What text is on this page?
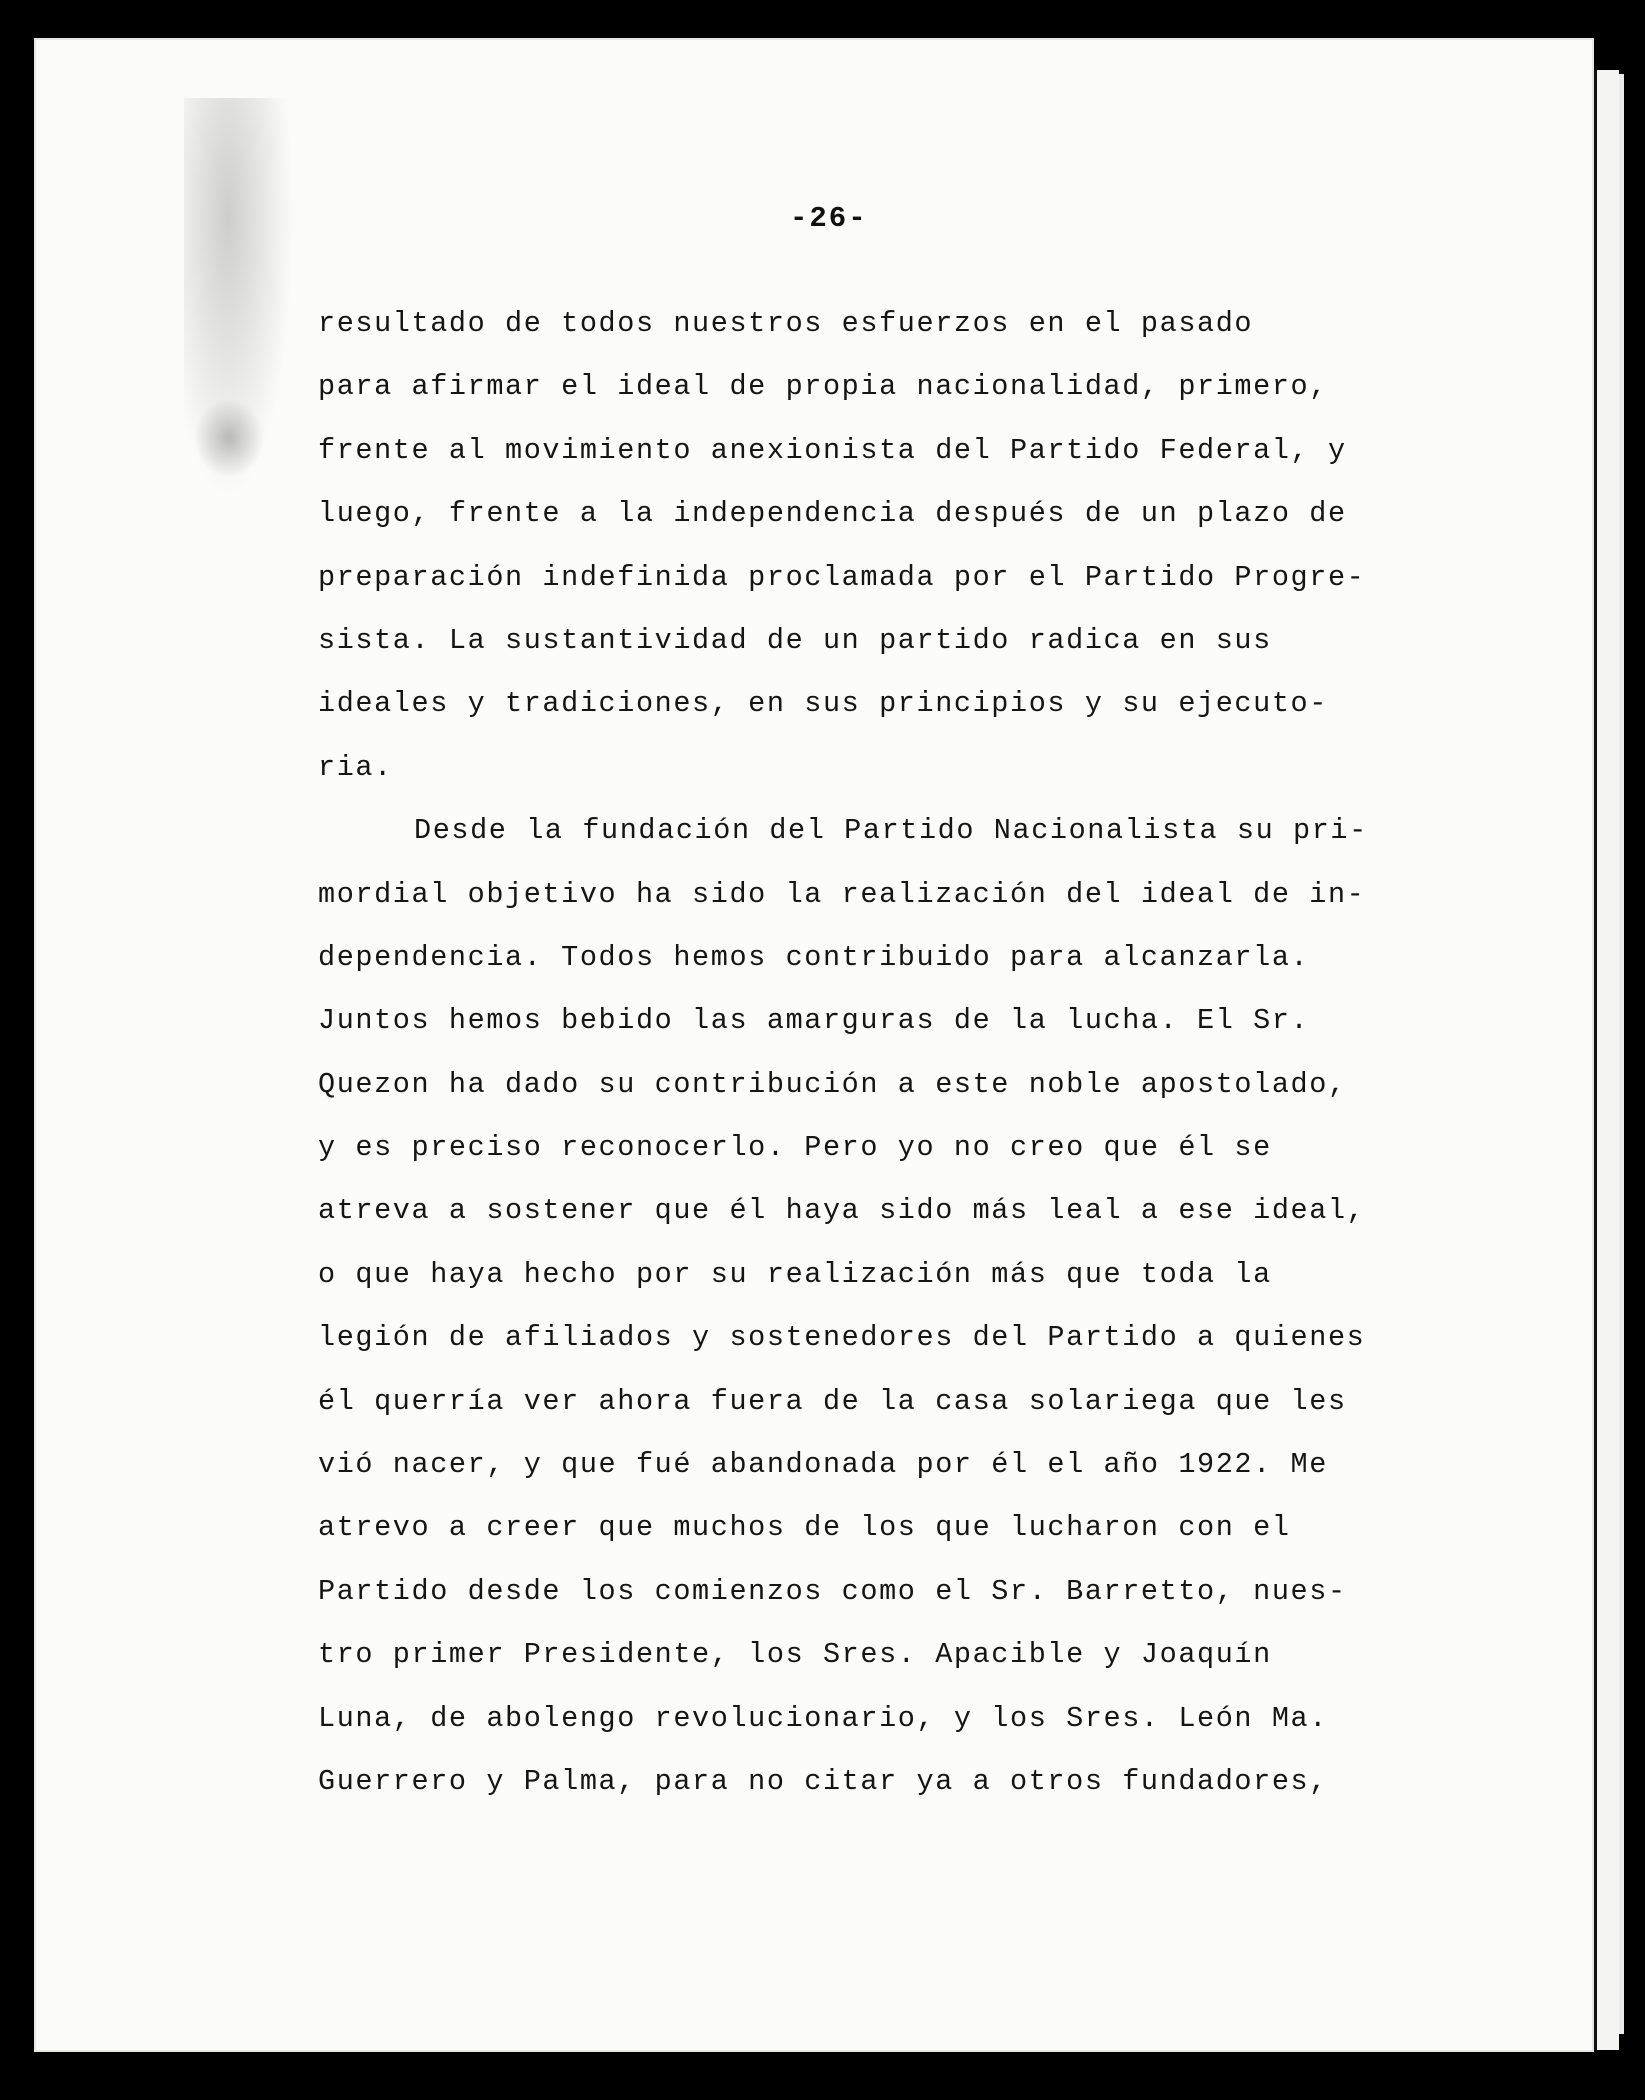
-26-
resultado de todos nuestros esfuerzos en el pasado
para afirmar el ideal de propia nacionalidad, primero,
frente al movimiento anexionista del Partido Federal, y
luego, frente a la independencia después de un plazo de
preparación indefinida proclamada por el Partido Progre-
sista. La sustantividad de un partido radica en sus
ideales y tradiciones, en sus principios y su ejecuto-
ria.
Desde la fundación del Partido Nacionalista su pri-
mordial objetivo ha sido la realización del ideal de in-
dependencia. Todos hemos contribuido para alcanzarla.
Juntos hemos bebido las amarguras de la lucha. El Sr.
Quezon ha dado su contribución a este noble apostolado,
y es preciso reconocerlo. Pero yo no creo que él se
atreva a sostener que él haya sido más leal a ese ideal,
o que haya hecho por su realización más que toda la
legión de afiliados y sostenedores del Partido a quienes
él querría ver ahora fuera de la casa solariega que les
vió nacer, y que fué abandonada por él el año 1922. Me
atrevo a creer que muchos de los que lucharon con el
Partido desde los comienzos como el Sr. Barretto, nues-
tro primer Presidente, los Sres. Apacible y Joaquín
Luna, de abolengo revolucionario, y los Sres. León Ma.
Guerrero y Palma, para no citar ya a otros fundadores,
